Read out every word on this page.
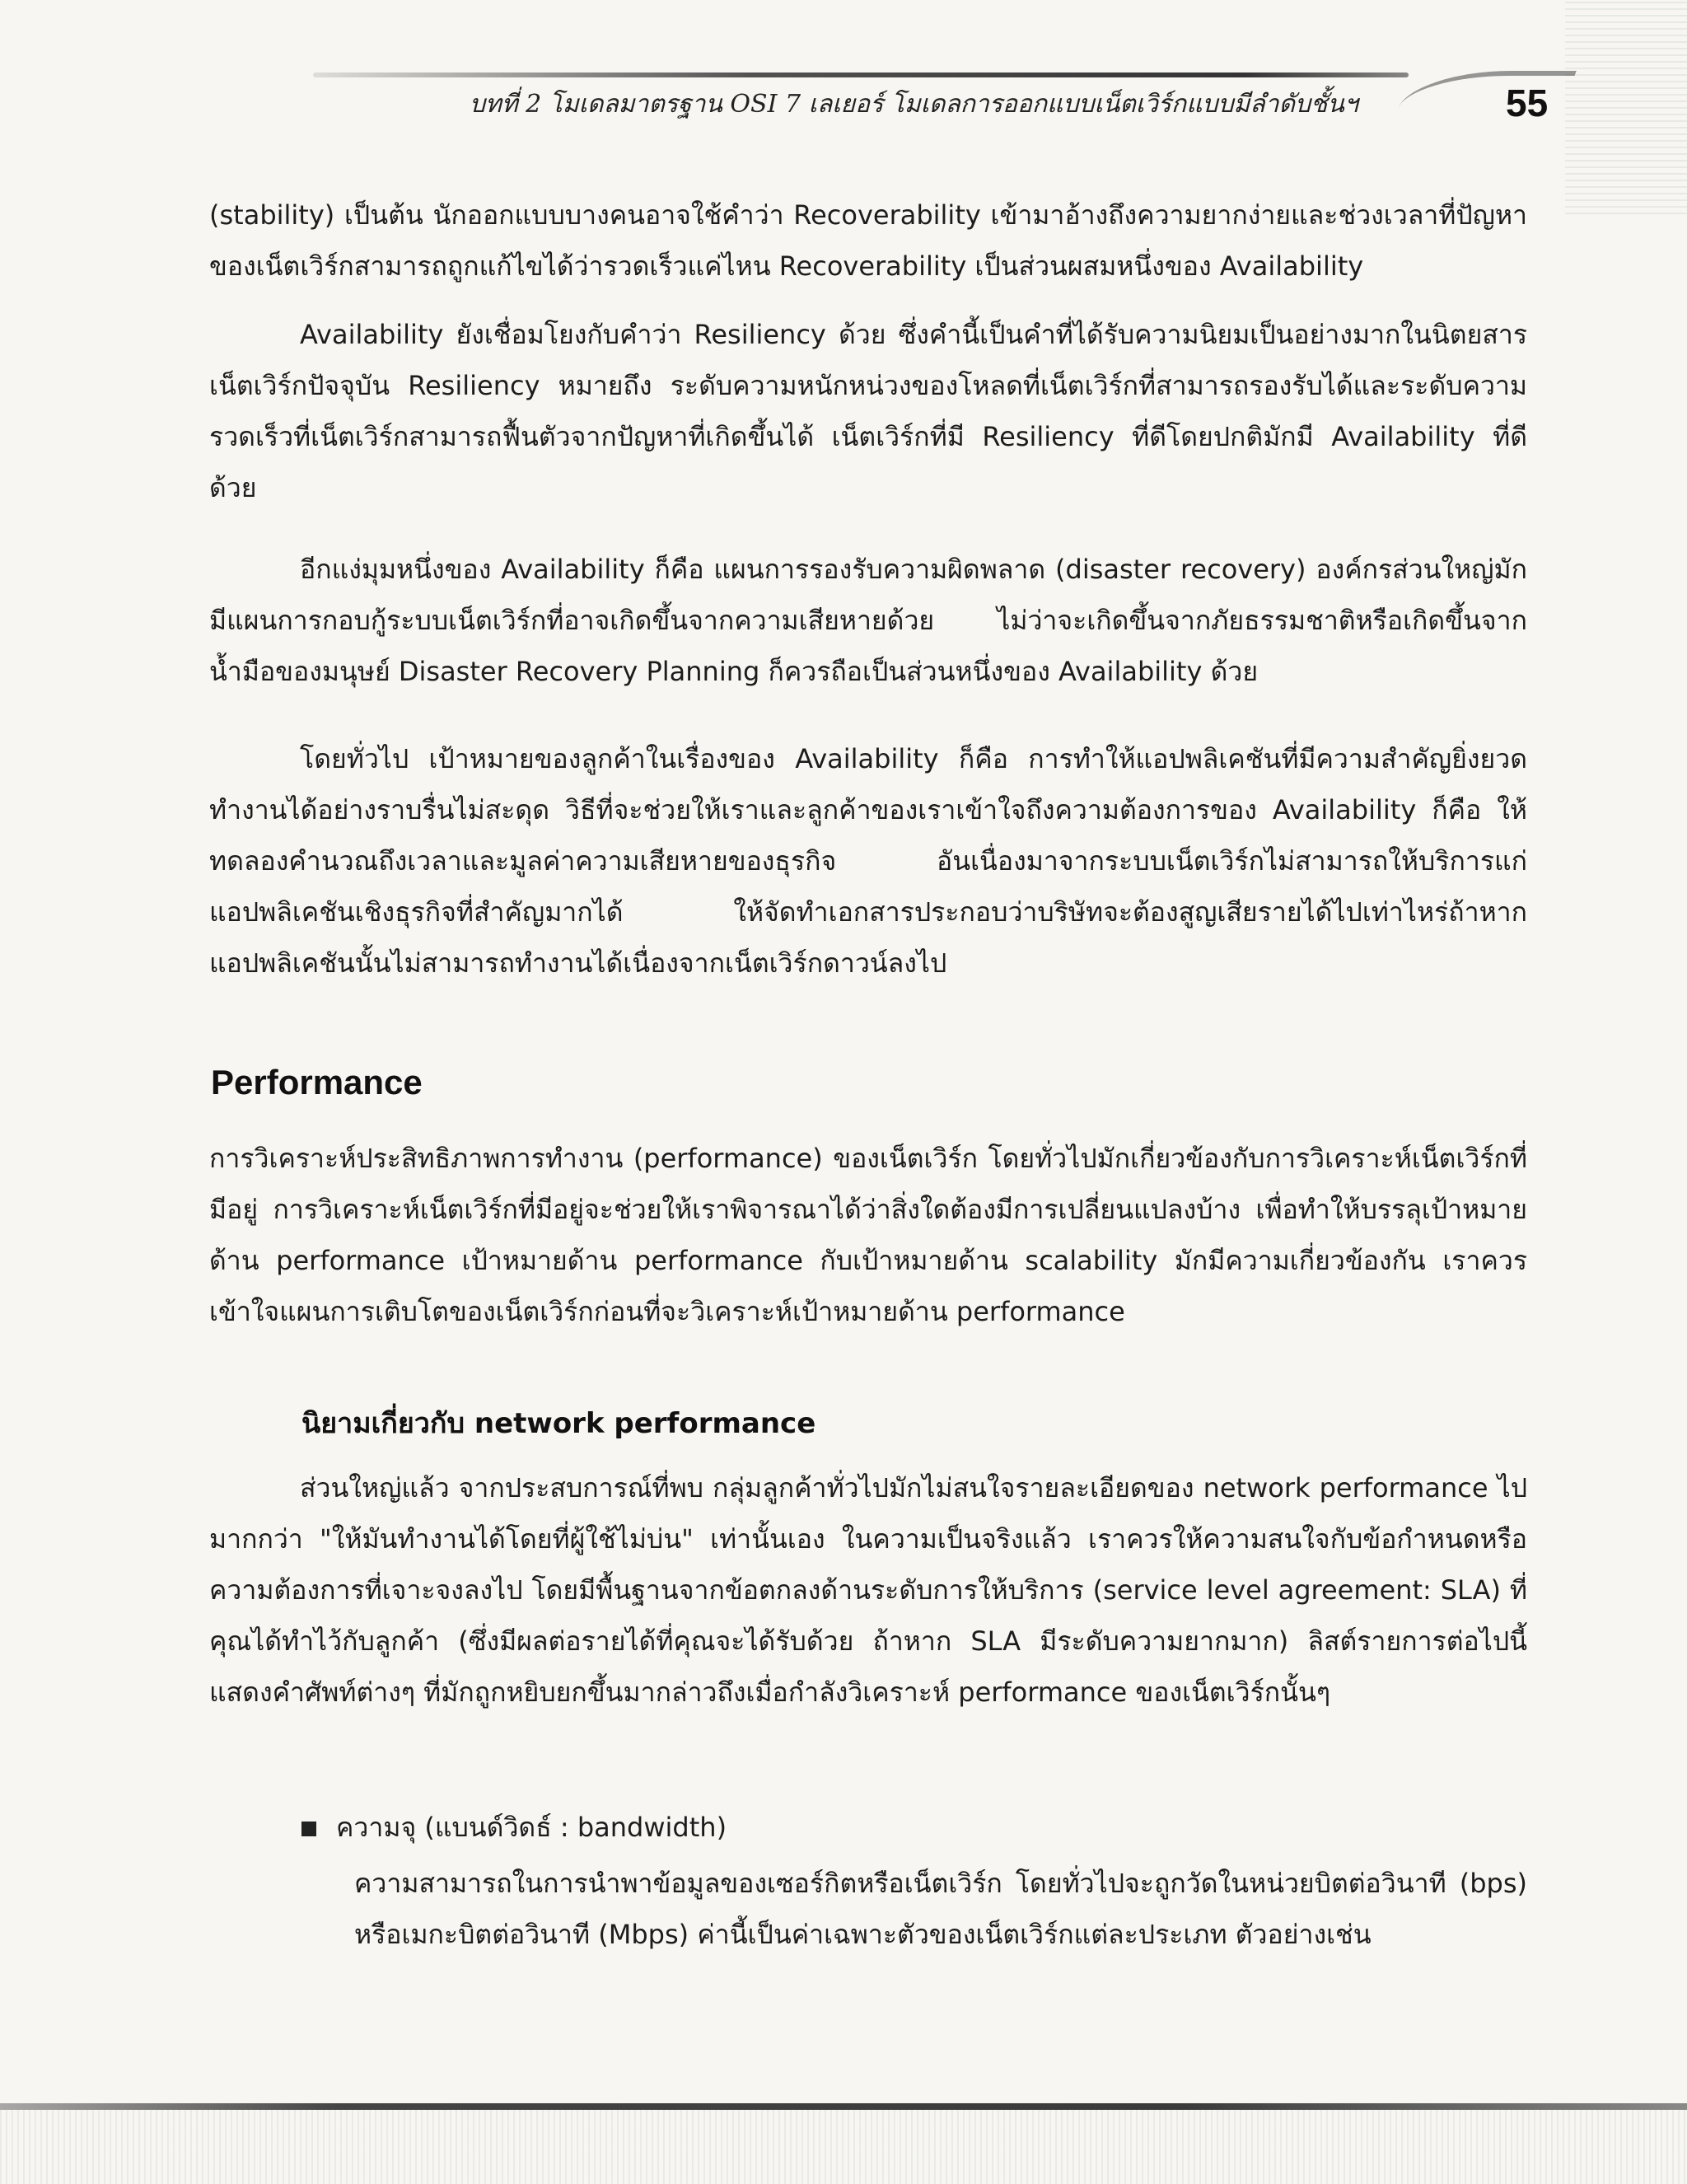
บทที่ 2 โมเดลมาตรฐาน OSI 7 เลเยอร์ โมเดลการออกแบบเน็ตเวิร์กแบบมีลำดับชั้นฯ	55
(stability) เป็นต้น นักออกแบบบางคนอาจใช้คำว่า Recoverability เข้ามาอ้างถึงความยากง่ายและช่วงเวลาที่ปัญหาของเน็ตเวิร์กสามารถถูกแก้ไขได้ว่ารวดเร็วแค่ไหน Recoverability เป็นส่วนผสมหนึ่งของ Availability
Availability ยังเชื่อมโยงกับคำว่า Resiliency ด้วย ซึ่งคำนี้เป็นคำที่ได้รับความนิยมเป็นอย่างมากในนิตยสารเน็ตเวิร์กปัจจุบัน Resiliency หมายถึง ระดับความหนักหน่วงของโหลดที่เน็ตเวิร์กที่สามารถรองรับได้และระดับความรวดเร็วที่เน็ตเวิร์กสามารถฟื้นตัวจากปัญหาที่เกิดขึ้นได้ เน็ตเวิร์กที่มี Resiliency ที่ดีโดยปกติมักมี Availability ที่ดีด้วย
อีกแง่มุมหนึ่งของ Availability ก็คือ แผนการรองรับความผิดพลาด (disaster recovery) องค์กรส่วนใหญ่มักมีแผนการกอบกู้ระบบเน็ตเวิร์กที่อาจเกิดขึ้นจากความเสียหายด้วย ไม่ว่าจะเกิดขึ้นจากภัยธรรมชาติหรือเกิดขึ้นจากน้ำมือของมนุษย์ Disaster Recovery Planning ก็ควรถือเป็นส่วนหนึ่งของ Availability ด้วย
โดยทั่วไป เป้าหมายของลูกค้าในเรื่องของ Availability ก็คือ การทำให้แอปพลิเคชันที่มีความสำคัญยิ่งยวดทำงานได้อย่างราบรื่นไม่สะดุด วิธีที่จะช่วยให้เราและลูกค้าของเราเข้าใจถึงความต้องการของ Availability ก็คือ ให้ทดลองคำนวณถึงเวลาและมูลค่าความเสียหายของธุรกิจ อันเนื่องมาจากระบบเน็ตเวิร์กไม่สามารถให้บริการแก่แอปพลิเคชันเชิงธุรกิจที่สำคัญมากได้ ให้จัดทำเอกสารประกอบว่าบริษัทจะต้องสูญเสียรายได้ไปเท่าไหร่ถ้าหากแอปพลิเคชันนั้นไม่สามารถทำงานได้เนื่องจากเน็ตเวิร์กดาวน์ลงไป
Performance
การวิเคราะห์ประสิทธิภาพการทำงาน (performance) ของเน็ตเวิร์ก โดยทั่วไปมักเกี่ยวข้องกับการวิเคราะห์เน็ตเวิร์กที่มีอยู่ การวิเคราะห์เน็ตเวิร์กที่มีอยู่จะช่วยให้เราพิจารณาได้ว่าสิ่งใดต้องมีการเปลี่ยนแปลงบ้าง เพื่อทำให้บรรลุเป้าหมายด้าน performance เป้าหมายด้าน performance กับเป้าหมายด้าน scalability มักมีความเกี่ยวข้องกัน เราควรเข้าใจแผนการเติบโตของเน็ตเวิร์กก่อนที่จะวิเคราะห์เป้าหมายด้าน performance
นิยามเกี่ยวกับ network performance
ส่วนใหญ่แล้ว จากประสบการณ์ที่พบ กลุ่มลูกค้าทั่วไปมักไม่สนใจรายละเอียดของ network performance ไปมากกว่า "ให้มันทำงานได้โดยที่ผู้ใช้ไม่บ่น" เท่านั้นเอง ในความเป็นจริงแล้ว เราควรให้ความสนใจกับข้อกำหนดหรือความต้องการที่เจาะจงลงไป โดยมีพื้นฐานจากข้อตกลงด้านระดับการให้บริการ (service level agreement: SLA) ที่คุณได้ทำไว้กับลูกค้า (ซึ่งมีผลต่อรายได้ที่คุณจะได้รับด้วย ถ้าหาก SLA มีระดับความยากมาก) ลิสต์รายการต่อไปนี้แสดงคำศัพท์ต่างๆ ที่มักถูกหยิบยกขึ้นมากล่าวถึงเมื่อกำลังวิเคราะห์ performance ของเน็ตเวิร์กนั้นๆ
ความจุ (แบนด์วิดธ์ : bandwidth)
ความสามารถในการนำพาข้อมูลของเซอร์กิตหรือเน็ตเวิร์ก โดยทั่วไปจะถูกวัดในหน่วยบิตต่อวินาที (bps) หรือเมกะบิตต่อวินาที (Mbps) ค่านี้เป็นค่าเฉพาะตัวของเน็ตเวิร์กแต่ละประเภท ตัวอย่างเช่น
